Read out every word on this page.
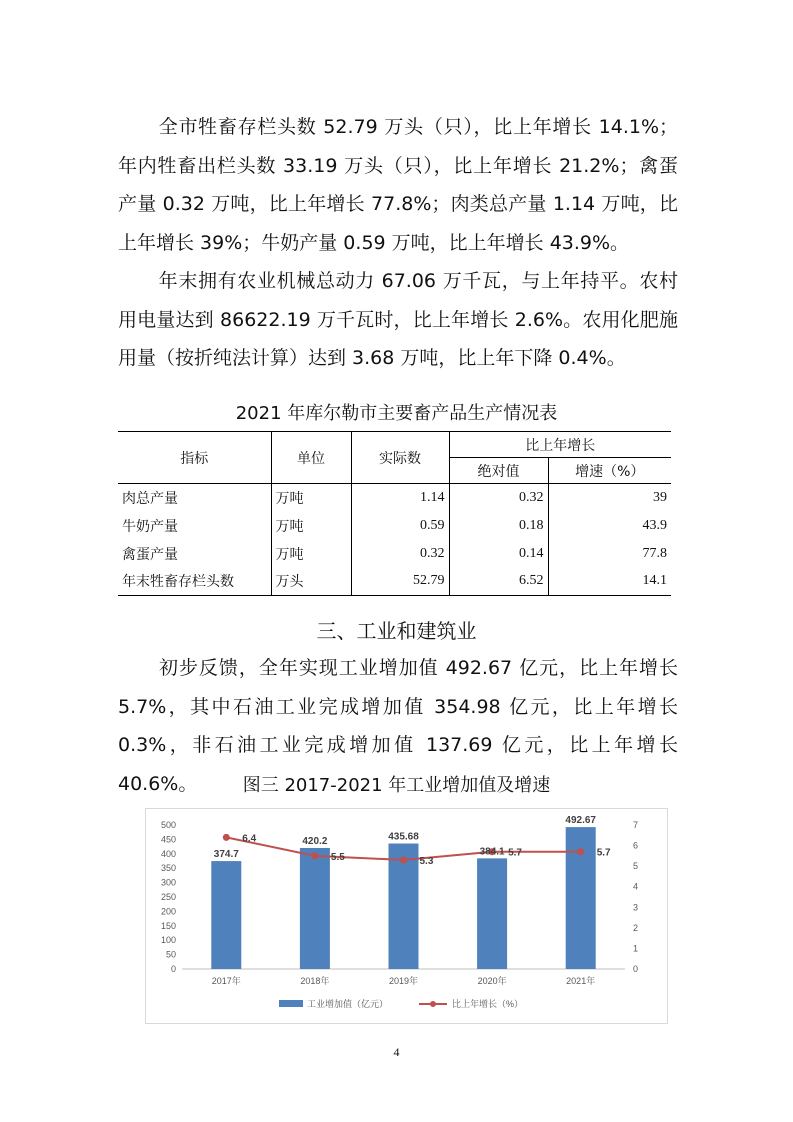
全市牲畜存栏头数 52.79 万头（只），比上年增长 14.1%；年内牲畜出栏头数 33.19 万头（只），比上年增长 21.2%；禽蛋产量 0.32 万吨，比上年增长 77.8%；肉类总产量 1.14 万吨，比上年增长 39%；牛奶产量 0.59 万吨，比上年增长 43.9%。

年末拥有农业机械总动力 67.06 万千瓦，与上年持平。农村用电量达到 86622.19 万千瓦时，比上年增长 2.6%。农用化肥施用量（按折纯法计算）达到 3.68 万吨，比上年下降 0.4%。

2021 年库尔勒市主要畜产品生产情况表

指标	单位	实际数	比上年增长	
			绝对值	增速（%）
肉总产量	万吨	1.14	0.32	39
牛奶产量	万吨	0.59	0.18	43.9
禽蛋产量	万吨	0.32	0.14	77.8
年末牲畜存栏头数	万头	52.79	6.52	14.1

三、工业和建筑业

初步反馈，全年实现工业增加值 492.67 亿元，比上年增长 5.7%，其中石油工业完成增加值 354.98 亿元，比上年增长 0.3%，非石油工业完成增加值 137.69 亿元，比上年增长 40.6%。	图三 2017-2021 年工业增加值及增速

0
50
100
150
200
250
300
350
400
450
500
0
1
2
3
4
5
6
7
2017年	2018年	2019年	2020年	2021年
374.7
420.2	435.68
384.1
492.67
6.4
5.5	5.3
5.7	5.7
工业增加值（亿元）	比上年增长（%）
4
